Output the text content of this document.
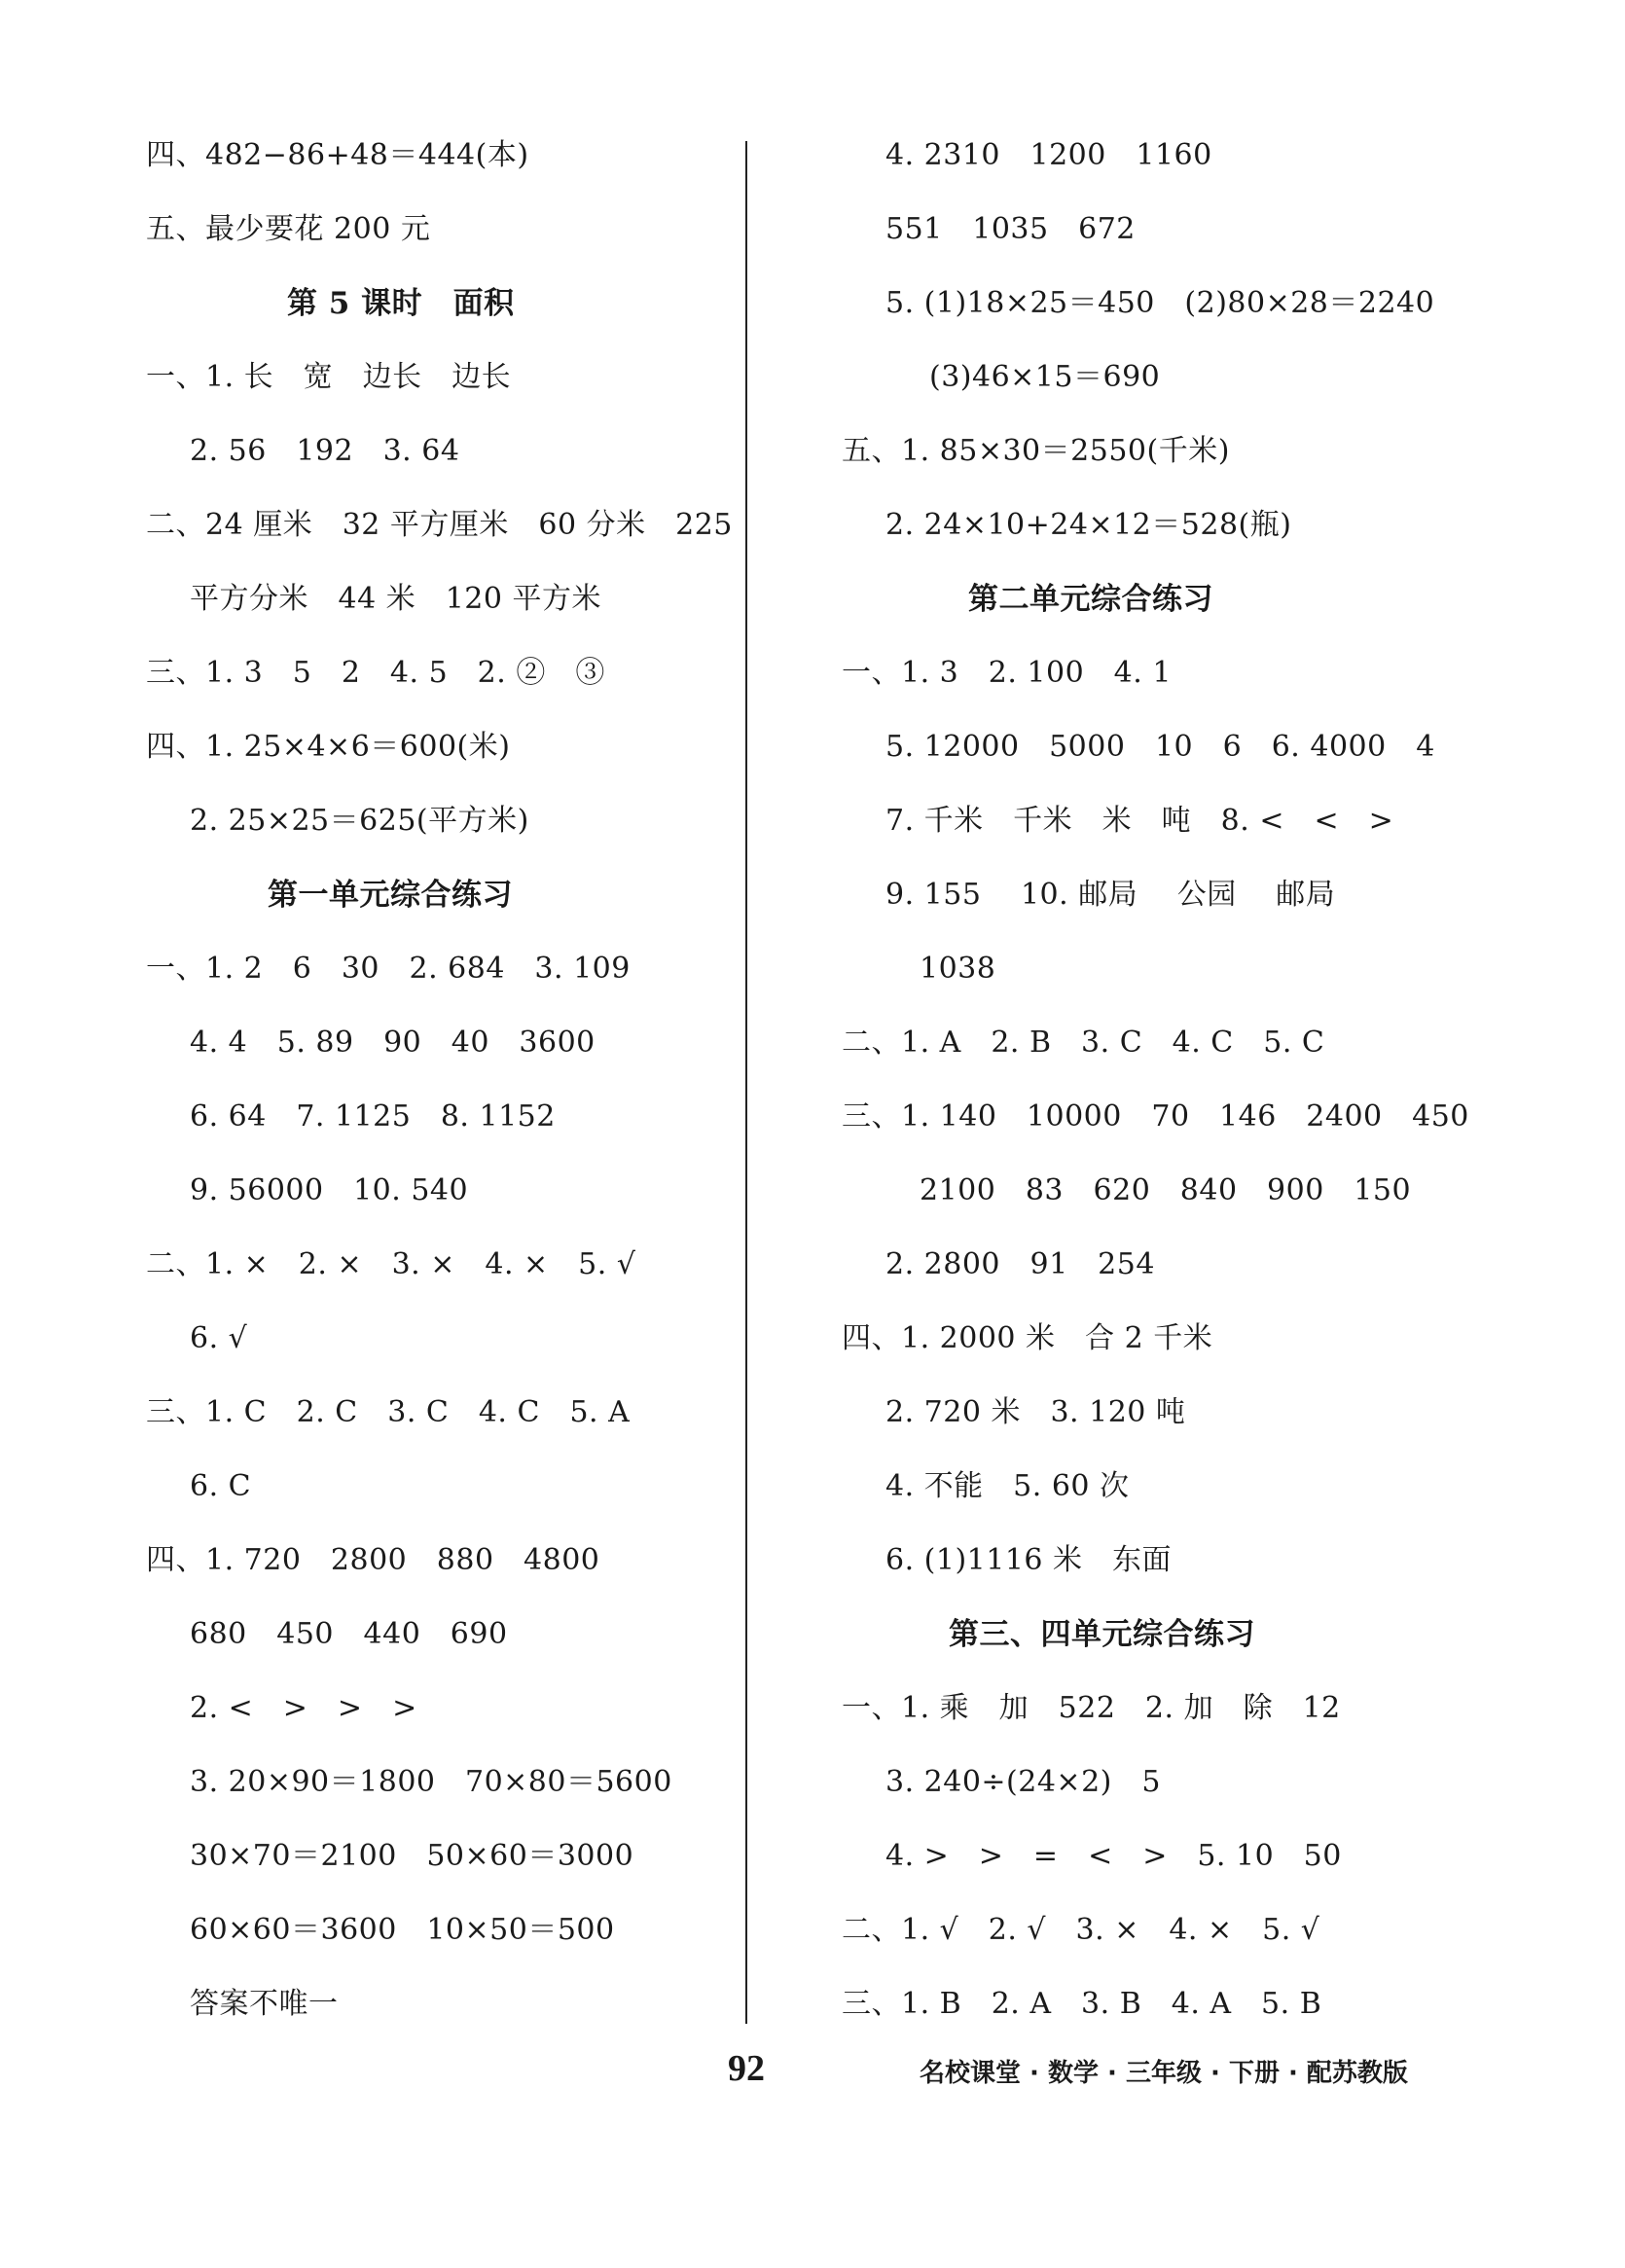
四、482−86+48＝444(本)
五、最少要花 200 元
第 5 课时　面积
一、1. 长　宽　边长　边长
2. 56　192　3. 64
二、24 厘米　32 平方厘米　60 分米　225
平方分米　44 米　120 平方米
三、1. 3　5　2　4. 5　2. ②　③
四、1. 25×4×6＝600(米)
2. 25×25＝625(平方米)
第一单元综合练习
一、1. 2　6　30　2. 684　3. 109
4. 4　5. 89　90　40　3600
6. 64　7. 1125　8. 1152
9. 56000　10. 540
二、1. ×　2. ×　3. ×　4. ×　5. √
6. √
三、1. C　2. C　3. C　4. C　5. A
6. C
四、1. 720　2800　880　4800
680　450　440　690
2. <　>　>　>
3. 20×90＝1800　70×80＝5600
30×70＝2100　50×60＝3000
60×60＝3600　10×50＝500
答案不唯一
4. 2310　1200　1160
551　1035　672
5. (1)18×25＝450　(2)80×28＝2240
(3)46×15＝690
五、1. 85×30＝2550(千米)
2. 24×10+24×12＝528(瓶)
第二单元综合练习
一、1. 3　2. 100　4. 1
5. 12000　5000　10　6　6. 4000　4
7. 千米　千米　米　吨　8. <　<　>
9. 155　 10. 邮局　 公园　 邮局
1038
二、1. A　2. B　3. C　4. C　5. C
三、1. 140　10000　70　146　2400　450
2100　83　620　840　900　150
2. 2800　91　254
四、1. 2000 米　合 2 千米
2. 720 米　3. 120 吨
4. 不能　5. 60 次
6. (1)1116 米　东面
第三、四单元综合练习
一、1. 乘　加　522　2. 加　除　12
3. 240÷(24×2)　5
4. >　>　=　<　>　5. 10　50
二、1. √　2. √　3. ×　4. ×　5. √
三、1. B　2. A　3. B　4. A　5. B
92	名校课堂 · 数学 · 三年级 · 下册 · 配苏教版
